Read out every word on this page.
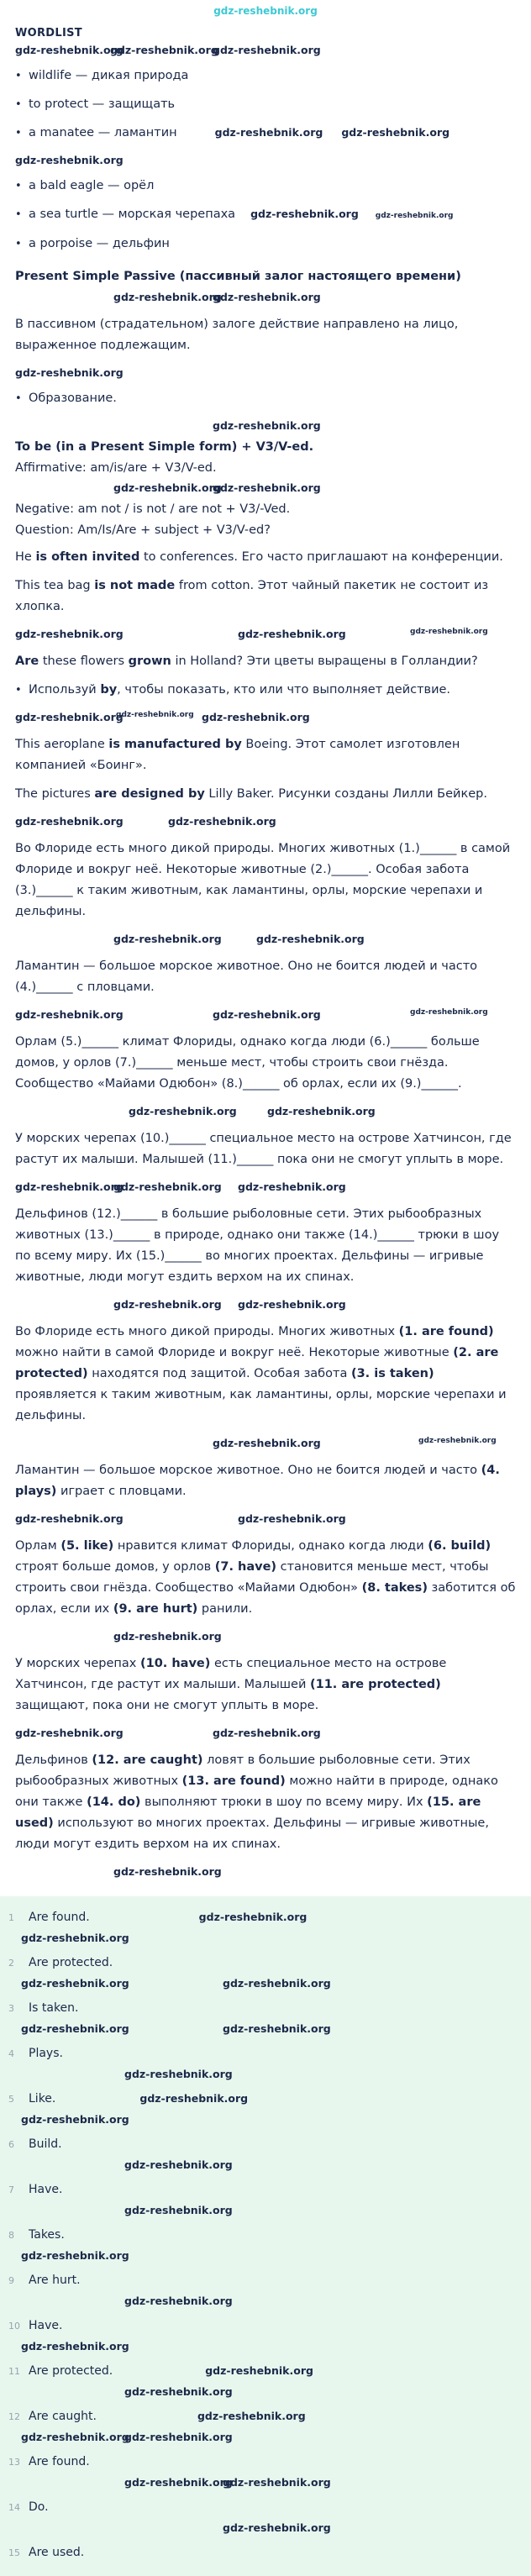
gdz-reshebnik.org
WORDLIST
gdz-reshebnik.org
gdz-reshebnik.org
gdz-reshebnik.org
• wildlife — дикая природа
• to protect — защищать
• a manatee — ламантин	gdz-reshebnik.org gdz-reshebnik.org
gdz-reshebnik.org
• a bald eagle — орёл
• a sea turtle — морская черепаха gdz-reshebnik.org gdz-reshebnik.org
• a porpoise — дельфин
Present Simple Passive (пассивный залог настоящего времени)
gdz-reshebnik.org
gdz-reshebnik.org

В пассивном (страдательном) залоге действие направлено на лицо, выраженное подлежащим.

gdz-reshebnik.org
• Образование.
gdz-reshebnik.org
To be (in a Present Simple form) + V3/V-ed.
Affirmative: am/is/are + V3/V-ed.
gdz-reshebnik.org
gdz-reshebnik.org
Negative: am not / is not / are not + V3/-Ved.
Question: Am/Is/Are + subject + V3/V-ed?

He is often invited to conferences. Его часто приглашают на конференции.

This tea bag is not made from cotton. Этот чайный пакетик не состоит из хлопка.

gdz-reshebnik.org	gdz-reshebnik.org	gdz-reshebnik.org

Are these flowers grown in Holland? Эти цветы выращены в Голландии?

• Используй by, чтобы показать, кто или что выполняет действие.
gdz-reshebnik.org
gdz-reshebnik.org gdz-reshebnik.org

This aeroplane is manufactured by Boeing. Этот самолет изготовлен компанией «Боинг».

The pictures are designed by Lilly Baker. Рисунки созданы Лилли Бейкер.

gdz-reshebnik.org	gdz-reshebnik.org

Во Флориде есть много дикой природы. Многих животных (1.)______ в самой Флориде и вокруг неё. Некоторые животные (2.)______. Особая забота (3.)______ к таким животным, как ламантины, орлы, морские черепахи и дельфины.

gdz-reshebnik.org	gdz-reshebnik.org

Ламантин — большое морское животное. Оно не боится людей и часто (4.)______ с пловцами.

gdz-reshebnik.org	gdz-reshebnik.org	gdz-reshebnik.org

Орлам (5.)______ климат Флориды, однако когда люди (6.)______ больше домов, у орлов (7.)______ меньше мест, чтобы строить свои гнёзда. Сообщество «Майами Одюбон» (8.)______ об орлах, если их (9.)______.

gdz-reshebnik.org	gdz-reshebnik.org

У морских черепах (10.)______ специальное место на острове Хатчинсон, где растут их малыши. Малышей (11.)______ пока они не смогут уплыть в море.

gdz-reshebnik.org
gdz-reshebnik.org gdz-reshebnik.org

Дельфинов (12.)______ в большие рыболовные сети. Этих рыбообразных животных (13.)______ в природе, однако они также (14.)______ трюки в шоу по всему миру. Их (15.)______ во многих проектах. Дельфины — игривые животные, люди могут ездить верхом на их спинах.

gdz-reshebnik.org gdz-reshebnik.org

Во Флориде есть много дикой природы. Многих животных (1. are found) можно найти в самой Флориде и вокруг неё. Некоторые животные (2. are protected) находятся под защитой. Особая забота (3. is taken) проявляется к таким животным, как ламантины, орлы, морские черепахи и дельфины.

gdz-reshebnik.org	gdz-reshebnik.org

Ламантин — большое морское животное. Оно не боится людей и часто (4. plays) играет с пловцами.

gdz-reshebnik.org	gdz-reshebnik.org

Орлам (5. like) нравится климат Флориды, однако когда люди (6. build) строят больше домов, у орлов (7. have) становится меньше мест, чтобы строить свои гнёзда. Сообщество «Майами Одюбон» (8. takes) заботится об орлах, если их (9. are hurt) ранили.

gdz-reshebnik.org

У морских черепах (10. have) есть специальное место на острове Хатчинсон, где растут их малыши. Малышей (11. are protected) защищают, пока они не смогут уплыть в море.

gdz-reshebnik.org	gdz-reshebnik.org

Дельфинов (12. are caught) ловят в большие рыболовные сети. Этих рыбообразных животных (13. are found) можно найти в природе, однако они также (14. do) выполняют трюки в шоу по всему миру. Их (15. are used) используют во многих проектах. Дельфины — игривые животные, люди могут ездить верхом на их спинах.

gdz-reshebnik.org
1	Are found.	gdz-reshebnik.org
gdz-reshebnik.org
2	Are protected.
gdz-reshebnik.org	gdz-reshebnik.org
3	Is taken.
gdz-reshebnik.org	gdz-reshebnik.org
4	Plays.
gdz-reshebnik.org
5	Like.	gdz-reshebnik.org
gdz-reshebnik.org
6	Build.
gdz-reshebnik.org
7	Have.
gdz-reshebnik.org
8	Takes.
gdz-reshebnik.org
9	Are hurt.
gdz-reshebnik.org
10 Have.
gdz-reshebnik.org
11 Are protected.	gdz-reshebnik.org
gdz-reshebnik.org
12 Are caught.	gdz-reshebnik.org
gdz-reshebnik.org
gdz-reshebnik.org
13 Are found.
gdz-reshebnik.org
gdz-reshebnik.org
14 Do.
gdz-reshebnik.org
15 Are used.
